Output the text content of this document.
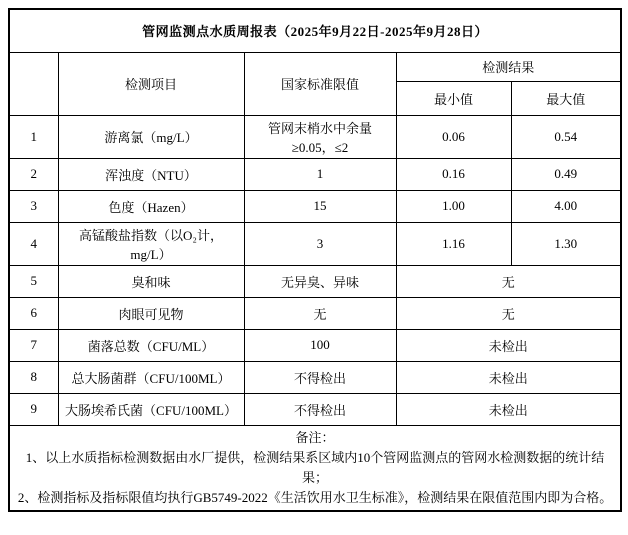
管网监测点水质周报表（2025年9月22日-2025年9月28日）				
	检测项目	国家标准限值	检测结果	
			最小值	最大值
1	游离氯（mg/L）	管网末梢水中余量≥0.05，≤2	0.06	0.54
2	浑浊度（NTU）	1	0.16	0.49
3	色度（Hazen）	15	1.00	4.00
4	高锰酸盐指数（以O₂计，mg/L）	3	1.16	1.30
5	臭和味	无异臭、异味	无	
6	肉眼可见物	无	无	
7	菌落总数（CFU/ML）	100	未检出	
8	总大肠菌群（CFU/100ML）	不得检出	未检出	
9	大肠埃希氏菌（CFU/100ML）	不得检出	未检出	

备注：

1、以上水质指标检测数据由水厂提供，检测结果系区域内10个管网监测点的管网水检测数据的统计结果；

2、检测指标及指标限值均执行GB5749-2022《生活饮用水卫生标准》，检测结果在限值范围内即为合格。				
